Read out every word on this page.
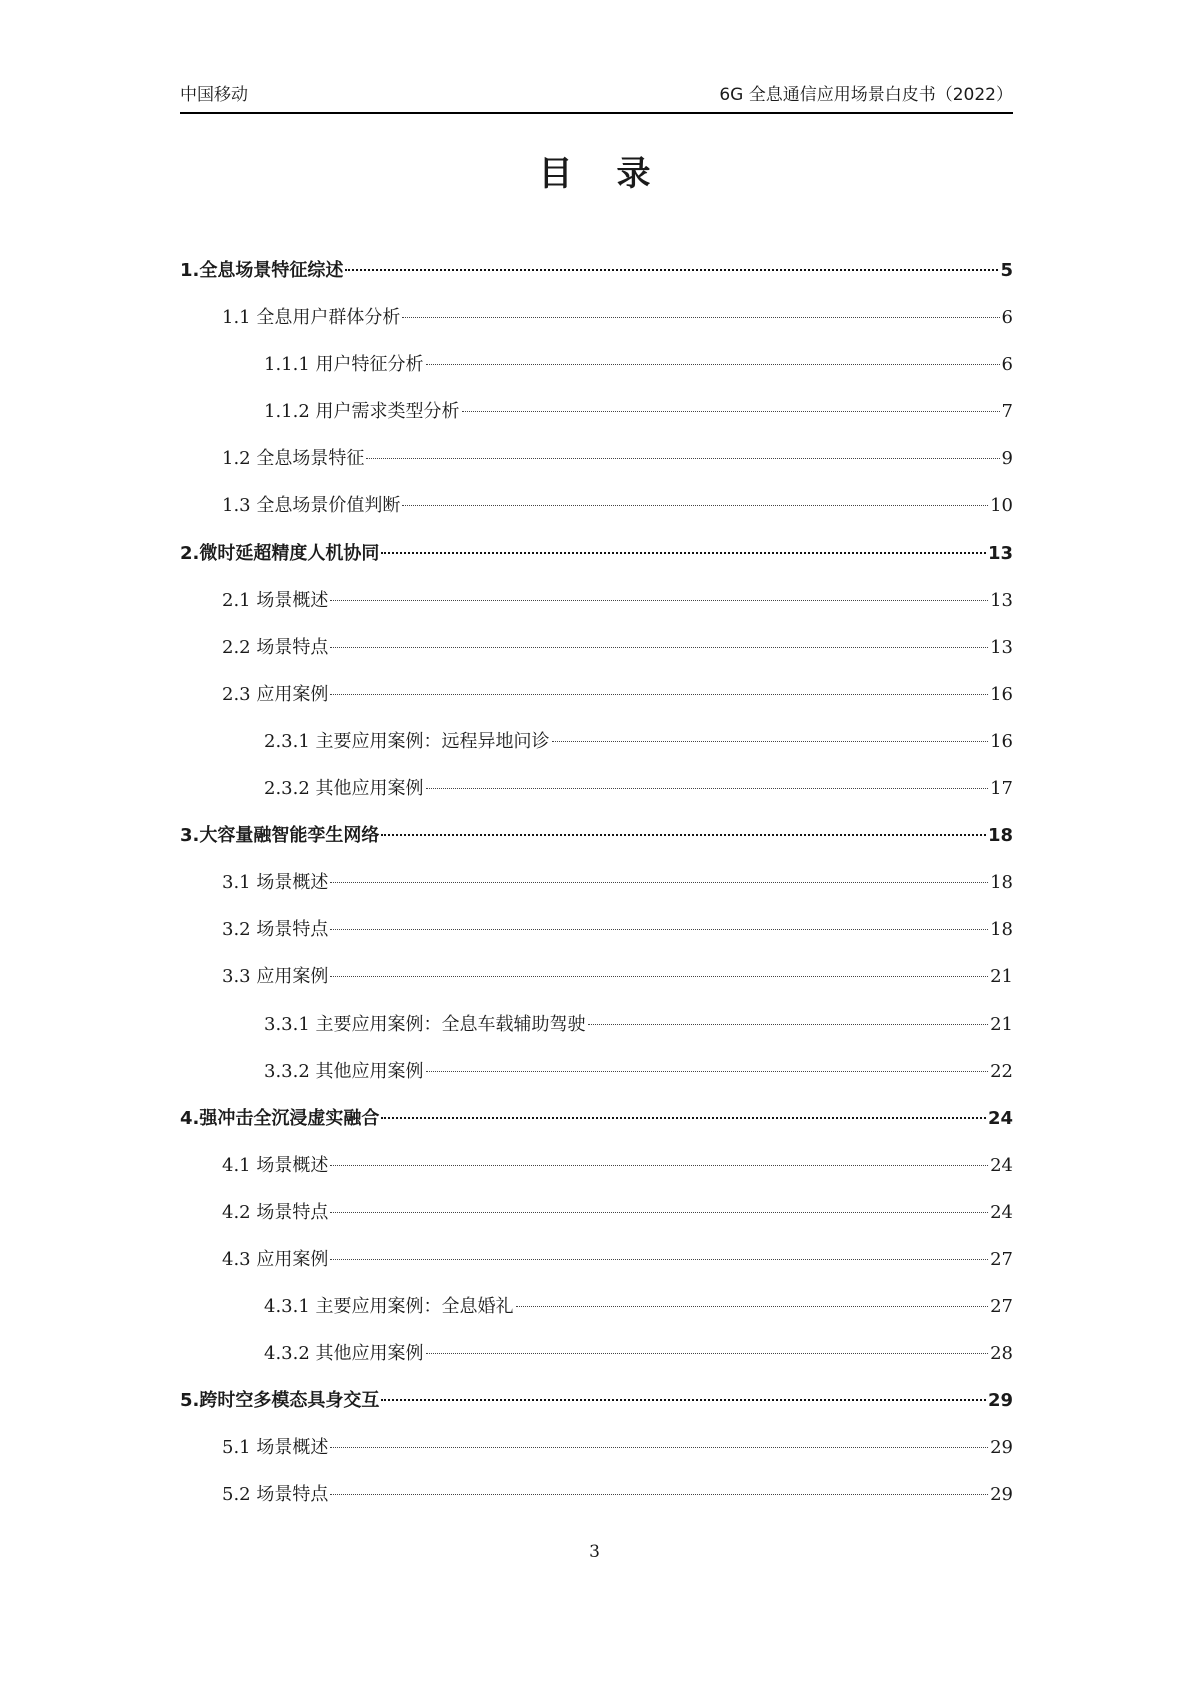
中国移动	6G 全息通信应用场景白皮书（2022）
目录
1.全息场景特征综述	5
1.1 全息用户群体分析	6
1.1.1 用户特征分析	6
1.1.2 用户需求类型分析	7
1.2 全息场景特征	9
1.3 全息场景价值判断	10
2.微时延超精度人机协同	13
2.1 场景概述	13
2.2 场景特点	13
2.3 应用案例	16
2.3.1 主要应用案例：远程异地问诊	16
2.3.2 其他应用案例	17
3.大容量融智能孪生网络	18
3.1 场景概述	18
3.2 场景特点	18
3.3 应用案例	21
3.3.1 主要应用案例：全息车载辅助驾驶	21
3.3.2 其他应用案例	22
4.强冲击全沉浸虚实融合	24
4.1 场景概述	24
4.2 场景特点	24
4.3 应用案例	27
4.3.1 主要应用案例：全息婚礼	27
4.3.2 其他应用案例	28
5.跨时空多模态具身交互	29
5.1 场景概述	29
5.2 场景特点	29
3
